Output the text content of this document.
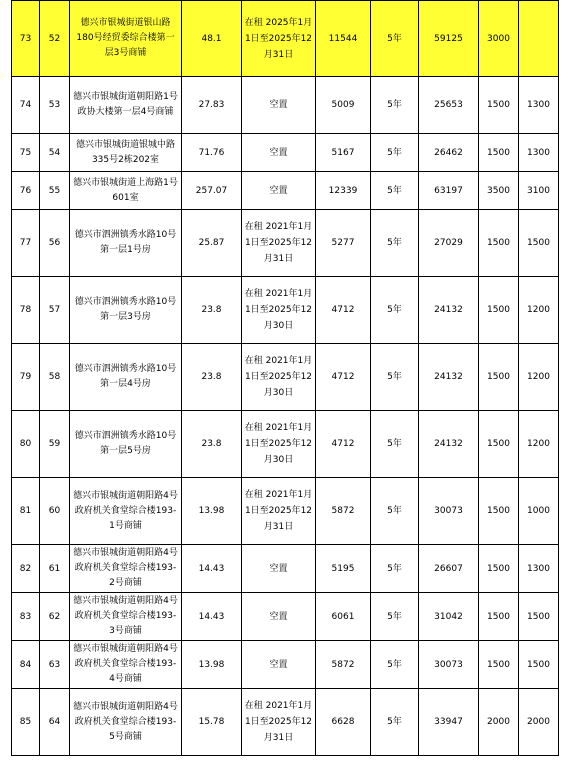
73	52	德兴市银城街道银山路180号经贸委综合楼第一层3号商铺	48.1	在租 2025年1月1日至2025年12月31日	11544	5年	59125	3000	
74	53	德兴市银城街道朝阳路1号政协大楼第一层4号商铺	27.83	空置	5009	5年	25653	1500	1300
75	54	德兴市银城街道银城中路335号2栋202室	71.76	空置	5167	5年	26462	1500	1300
76	55	德兴市银城街道上海路1号601室	257.07	空置	12339	5年	63197	3500	3100
77	56	德兴市泗洲镇秀水路10号第一层1号房	25.87	在租 2021年1月1日至2025年12月31日	5277	5年	27029	1500	1500
78	57	德兴市泗洲镇秀水路10号第一层3号房	23.8	在租 2021年1月1日至2025年12月30日	4712	5年	24132	1500	1200
79	58	德兴市泗洲镇秀水路10号第一层4号房	23.8	在租 2021年1月1日至2025年12月30日	4712	5年	24132	1500	1200
80	59	德兴市泗洲镇秀水路10号第一层5号房	23.8	在租 2021年1月1日至2025年12月30日	4712	5年	24132	1500	1200
81	60	德兴市银城街道朝阳路4号政府机关食堂综合楼193-1号商铺	13.98	在租 2021年1月1日至2025年12月31日	5872	5年	30073	1500	1000
82	61	德兴市银城街道朝阳路4号政府机关食堂综合楼193-2号商铺	14.43	空置	5195	5年	26607	1500	1300
83	62	德兴市银城街道朝阳路4号政府机关食堂综合楼193-3号商铺	14.43	空置	6061	5年	31042	1500	1500
84	63	德兴市银城街道朝阳路4号政府机关食堂综合楼193-4号商铺	13.98	空置	5872	5年	30073	1500	1500
85	64	德兴市银城街道朝阳路4号政府机关食堂综合楼193-5号商铺	15.78	在租 2021年1月1日至2025年12月31日	6628	5年	33947	2000	2000
